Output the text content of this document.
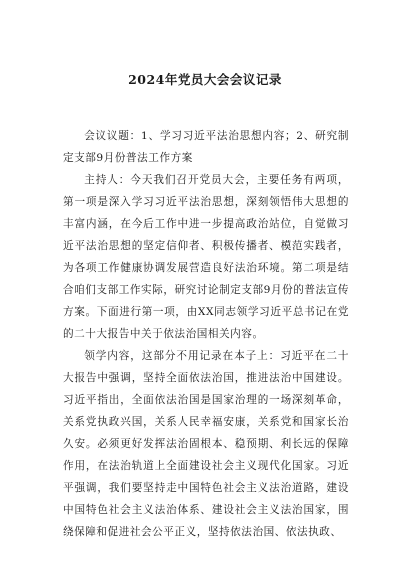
2024年党员大会会议记录

会议议题：1、学习习近平法治思想内容；2、研究制定支部9月份普法工作方案

主持人：今天我们召开党员大会，主要任务有两项，第一项是深入学习习近平法治思想，深刻领悟伟大思想的丰富内涵，在今后工作中进一步提高政治站位，自觉做习近平法治思想的坚定信仰者、积极传播者、模范实践者，为各项工作健康协调发展营造良好法治环境。第二项是结合咱们支部工作实际，研究讨论制定支部9月份的普法宣传方案。下面进行第一项，由XX同志领学习近平总书记在党的二十大报告中关于依法治国相关内容。

领学内容，这部分不用记录在本子上：习近平在二十大报告中强调，坚持全面依法治国，推进法治中国建设。习近平指出，全面依法治国是国家治理的一场深刻革命，关系党执政兴国，关系人民幸福安康，关系党和国家长治久安。必须更好发挥法治固根本、稳预期、利长远的保障作用，在法治轨道上全面建设社会主义现代化国家。习近平强调，我们要坚持走中国特色社会主义法治道路，建设中国特色社会主义法治体系、建设社会主义法治国家，围绕保障和促进社会公平正义，坚持依法治国、依法执政、
